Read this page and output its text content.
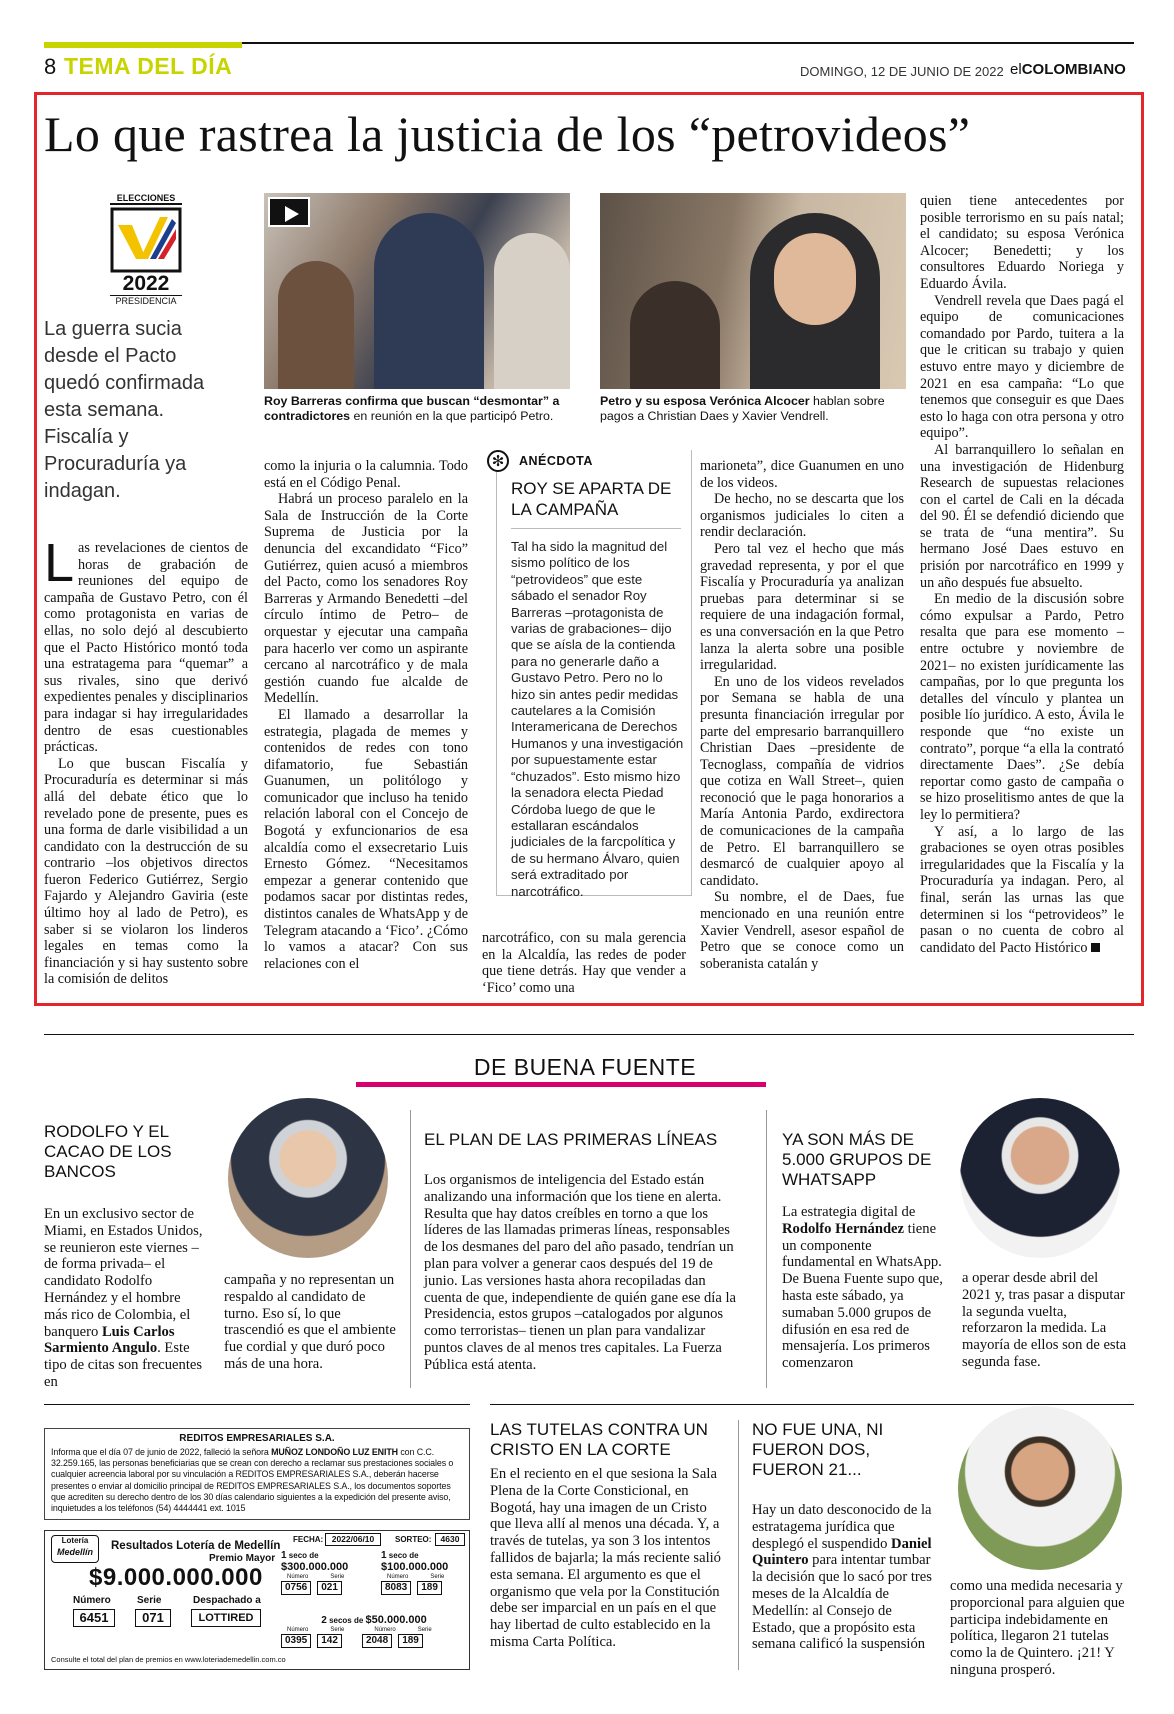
8 TEMA DEL DÍA	DOMINGO, 12 DE JUNIO DE 2022 elCOLOMBIANO
Lo que rastrea la justicia de los “petrovideos”
ELECCIONES
2022
PRESIDENCIA

La guerra sucia desde el Pacto quedó confirmada esta semana. Fiscalía y Procuraduría ya indagan.

Roy Barreras confirma que buscan “desmontar” a contradictores en reunión en la que participó Petro.

Petro y su esposa Verónica Alcocer hablan sobre pagos a Christian Daes y Xavier Vendrell.

Las revelaciones de cientos de horas de grabación de reuniones del equipo de campaña de Gustavo Petro, con él como protagonista en varias de ellas, no solo dejó al descubierto que el Pacto Histórico montó toda una estratagema para “quemar” a sus rivales, sino que derivó expedientes penales y disciplinarios para indagar si hay irregularidades dentro de esas cuestionables prácticas.

Lo que buscan Fiscalía y Procuraduría es determinar si más allá del debate ético que lo revelado pone de presente, pues es una forma de darle visibilidad a un candidato con la destrucción de su contrario –los objetivos directos fueron Federico Gutiérrez, Sergio Fajardo y Alejandro Gaviria (este último hoy al lado de Petro), es saber si se violaron los linderos legales en temas como la financiación y si hay sustento sobre la comisión de delitos

como la injuria o la calumnia. Todo está en el Código Penal.

Habrá un proceso paralelo en la Sala de Instrucción de la Corte Suprema de Justicia por la denuncia del excandidato “Fico” Gutiérrez, quien acusó a miembros del Pacto, como los senadores Roy Barreras y Armando Benedetti –del círculo íntimo de Petro– de orquestar y ejecutar una campaña para hacerlo ver como un aspirante cercano al narcotráfico y de mala gestión cuando fue alcalde de Medellín.

El llamado a desarrollar la estrategia, plagada de memes y contenidos de redes con tono difamatorio, fue Sebastián Guanumen, un politólogo y comunicador que incluso ha tenido relación laboral con el Concejo de Bogotá y exfuncionarios de esa alcaldía como el exsecretario Luis Ernesto Gómez. “Necesitamos empezar a generar contenido que podamos sacar por distintas redes, distintos canales de WhatsApp y de Telegram atacando a ‘Fico’. ¿Cómo lo vamos a atacar? Con sus relaciones con el

✻	ANÉCDOTA
ROY SE APARTA DE LA CAMPAÑA

Tal ha sido la magnitud del sismo político de los “petrovideos” que este sábado el senador Roy Barreras –protagonista de varias de grabaciones– dijo que se aísla de la contienda para no generarle daño a Gustavo Petro. Pero no lo hizo sin antes pedir medidas cautelares a la Comisión Interamericana de Derechos Humanos y una investigación por supuestamente estar “chuzados”. Esto mismo hizo la senadora electa Piedad Córdoba luego de que le estallaran escándalos judiciales de la farcpolítica y de su hermano Álvaro, quien será extraditado por narcotráfico.

narcotráfico, con su mala gerencia en la Alcaldía, las redes de poder que tiene detrás. Hay que vender a ‘Fico’ como una

marioneta”, dice Guanumen en uno de los videos.

De hecho, no se descarta que los organismos judiciales lo citen a rendir declaración.

Pero tal vez el hecho que más gravedad representa, y por el que Fiscalía y Procuraduría ya analizan pruebas para determinar si se requiere de una indagación formal, es una conversación en la que Petro lanza la alerta sobre una posible irregularidad.

En uno de los videos revelados por Semana se habla de una presunta financiación irregular por parte del empresario barranquillero Christian Daes –presidente de Tecnoglass, compañía de vidrios que cotiza en Wall Street–, quien reconoció que le paga honorarios a María Antonia Pardo, exdirectora de comunicaciones de la campaña de Petro. El barranquillero se desmarcó de cualquier apoyo al candidato.

Su nombre, el de Daes, fue mencionado en una reunión entre Xavier Vendrell, asesor español de Petro que se conoce como un soberanista catalán y

quien tiene antecedentes por posible terrorismo en su país natal; el candidato; su esposa Verónica Alcocer; Benedetti; y los consultores Eduardo Noriega y Eduardo Ávila.

Vendrell revela que Daes pagá el equipo de comunicaciones comandado por Pardo, tuitera a la que le critican su trabajo y quien estuvo entre mayo y diciembre de 2021 en esa campaña: “Lo que tenemos que conseguir es que Daes esto lo haga con otra persona y otro equipo”.

Al barranquillero lo señalan en una investigación de Hidenburg Research de supuestas relaciones con el cartel de Cali en la década del 90. Él se defendió diciendo que se trata de “una mentira”. Su hermano José Daes estuvo en prisión por narcotráfico en 1999 y un año después fue absuelto.

En medio de la discusión sobre cómo expulsar a Pardo, Petro resalta que para ese momento –entre octubre y noviembre de 2021– no existen jurídicamente las campañas, por lo que pregunta los detalles del vínculo y plantea un posible lío jurídico. A esto, Ávila le responde que “no existe un contrato”, porque “a ella la contrató directamente Daes”. ¿Se debía reportar como gasto de campaña o se hizo proselitismo antes de que la ley lo permitiera?

Y así, a lo largo de las grabaciones se oyen otras posibles irregularidades que la Fiscalía y la Procuraduría ya indagan. Pero, al final, serán las urnas las que determinen si los “petrovideos” le pasan o no cuenta de cobro al candidato del Pacto Histórico

DE BUENA FUENTE
RODOLFO Y EL CACAO DE LOS BANCOS

En un exclusivo sector de Miami, en Estados Unidos, se reunieron este viernes –de forma privada– el candidato Rodolfo Hernández y el hombre más rico de Colombia, el banquero Luis Carlos Sarmiento Angulo. Este tipo de citas son frecuentes en

campaña y no representan un respaldo al candidato de turno. Eso sí, lo que trascendió es que el ambiente fue cordial y que duró poco más de una hora.

EL PLAN DE LAS PRIMERAS LÍNEAS

Los organismos de inteligencia del Estado están analizando una información que los tiene en alerta. Resulta que hay datos creíbles en torno a que los líderes de las llamadas primeras líneas, responsables de los desmanes del paro del año pasado, tendrían un plan para volver a generar caos después del 19 de junio. Las versiones hasta ahora recopiladas dan cuenta de que, independiente de quién gane ese día la Presidencia, estos grupos –catalogados por algunos como terroristas– tienen un plan para vandalizar puntos claves de al menos tres capitales. La Fuerza Pública está atenta.

YA SON MÁS DE 5.000 GRUPOS DE WHATSAPP

La estrategia digital de Rodolfo Hernández tiene un componente fundamental en WhatsApp. De Buena Fuente supo que, hasta este sábado, ya sumaban 5.000 grupos de difusión en esa red de mensajería. Los primeros comenzaron

a operar desde abril del 2021 y, tras pasar a disputar la segunda vuelta, reforzaron la medida. La mayoría de ellos son de esta segunda fase.

REDITOS EMPRESARIALES S.A.

Informa que el día 07 de junio de 2022, falleció la señora MUÑOZ LONDOÑO LUZ ENITH con C.C. 32.259.165, las personas beneficiarias que se crean con derecho a reclamar sus prestaciones sociales o cualquier acreencia laboral por su vinculación a REDITOS EMPRESARIALES S.A., deberán hacerse presentes o enviar al domicilio principal de REDITOS EMPRESARIALES S.A., los documentos soportes que acrediten su derecho dentro de los 30 días calendario siguientes a la expedición del presente aviso, inquietudes a los teléfonos (54) 4444441 ext. 1015

Lotería
Medellín	Resultados Lotería de Medellín
Premio Mayor
$9.000.000.000
Número	Serie	Despachado a
6451	071	LOTTIRED
FECHA:	2022/06/10	SORTEO:	4630
1 seco de
$300.000.000
Número	Serie
0756	021
1 seco de
$100.000.000
Número	Serie
8083	189
2 secos de $50.000.000
Número	Serie	Número	Serie
0395	142	2048	189
Consulte el total del plan de premios en www.loteriademedellin.com.co
LAS TUTELAS CONTRA UN CRISTO EN LA CORTE

En el reciento en el que sesiona la Sala Plena de la Corte Consticional, en Bogotá, hay una imagen de un Cristo que lleva allí al menos una década. Y, a través de tutelas, ya son 3 los intentos fallidos de bajarla; la más reciente salió esta semana. El argumento es que el organismo que vela por la Constitución debe ser imparcial en un país en el que hay libertad de culto establecido en la misma Carta Política.

NO FUE UNA, NI FUERON DOS, FUERON 21...

Hay un dato desconocido de la estratagema jurídica que desplegó el suspendido Daniel Quintero para intentar tumbar la decisión que lo sacó por tres meses de la Alcaldía de Medellín: al Consejo de Estado, que a propósito esta semana calificó la suspensión

como una medida necesaria y proporcional para alguien que participa indebidamente en política, llegaron 21 tutelas como la de Quintero. ¡21! Y ninguna prosperó.
